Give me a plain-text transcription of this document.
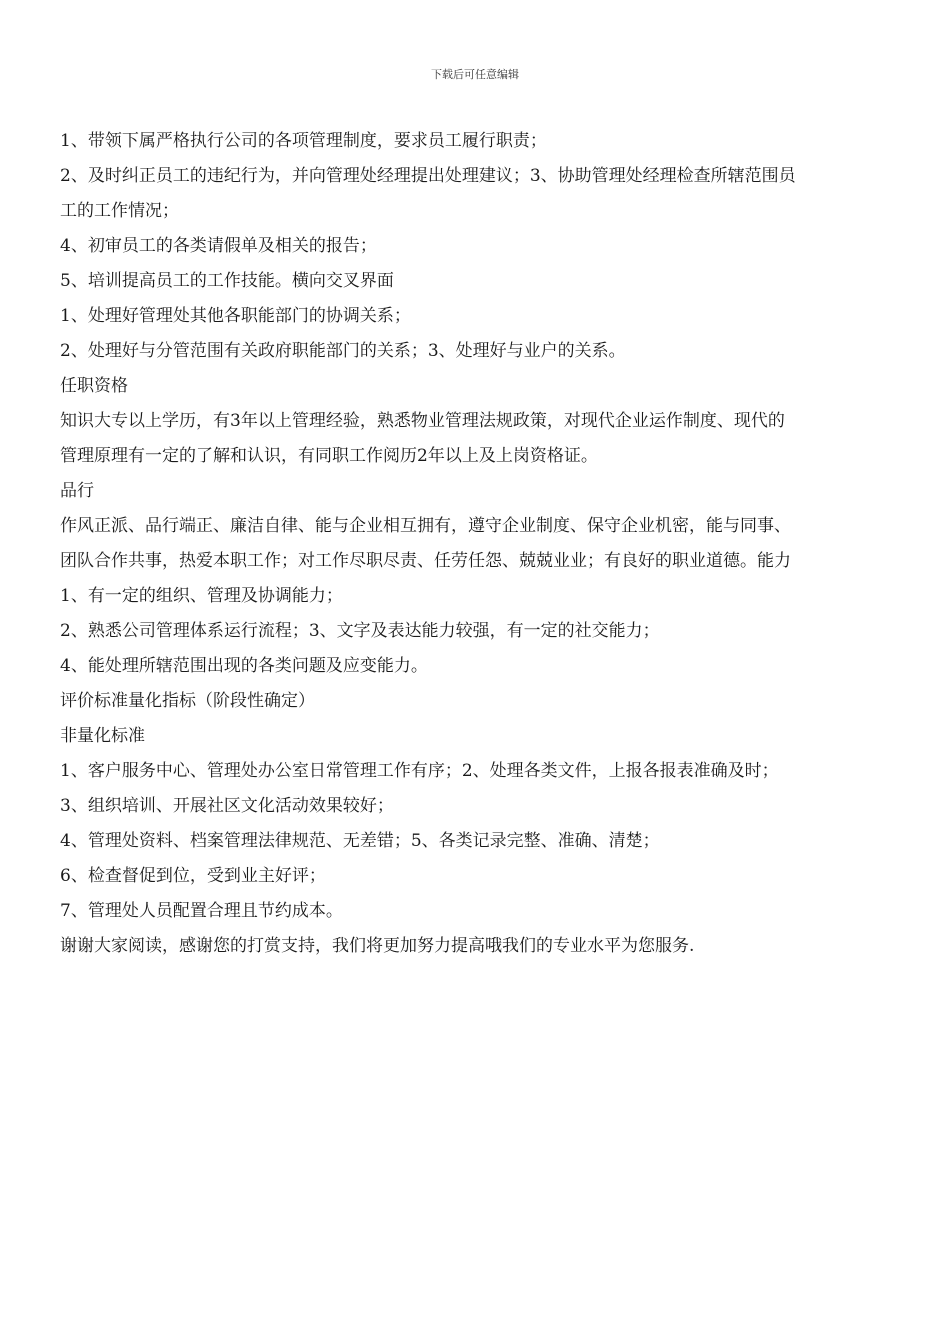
下载后可任意编辑
1、带领下属严格执行公司的各项管理制度，要求员工履行职责；
2、及时纠正员工的违纪行为，并向管理处经理提出处理建议；3、协助管理处经理检查所辖范围员
工的工作情况；
4、初审员工的各类请假单及相关的报告；
5、培训提高员工的工作技能。横向交叉界面
1、处理好管理处其他各职能部门的协调关系；
2、处理好与分管范围有关政府职能部门的关系；3、处理好与业户的关系。
任职资格
知识大专以上学历，有3年以上管理经验，熟悉物业管理法规政策，对现代企业运作制度、现代的
管理原理有一定的了解和认识，有同职工作阅历2年以上及上岗资格证。
品行
作风正派、品行端正、廉洁自律、能与企业相互拥有，遵守企业制度、保守企业机密，能与同事、
团队合作共事，热爱本职工作；对工作尽职尽责、任劳任怨、兢兢业业；有良好的职业道德。能力
1、有一定的组织、管理及协调能力；
2、熟悉公司管理体系运行流程；3、文字及表达能力较强，有一定的社交能力；
4、能处理所辖范围出现的各类问题及应变能力。
评价标准量化指标（阶段性确定）
非量化标准
1、客户服务中心、管理处办公室日常管理工作有序；2、处理各类文件，上报各报表准确及时；
3、组织培训、开展社区文化活动效果较好；
4、管理处资料、档案管理法律规范、无差错；5、各类记录完整、准确、清楚；
6、检查督促到位，受到业主好评；
7、管理处人员配置合理且节约成本。
谢谢大家阅读，感谢您的打赏支持，我们将更加努力提高哦我们的专业水平为您服务.
